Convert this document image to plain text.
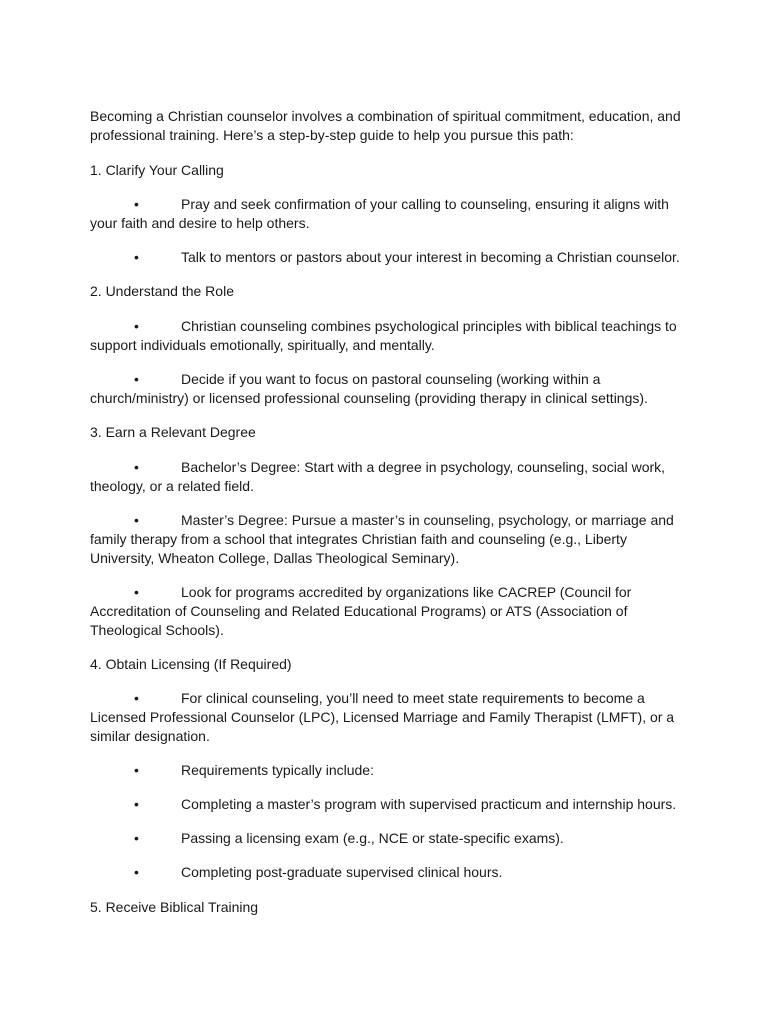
Becoming a Christian counselor involves a combination of spiritual commitment, education, and professional training. Here’s a step-by-step guide to help you pursue this path:

1. Clarify Your Calling

•	Pray and seek confirmation of your calling to counseling, ensuring it aligns with your faith and desire to help others.

•	Talk to mentors or pastors about your interest in becoming a Christian counselor.

2. Understand the Role

•	Christian counseling combines psychological principles with biblical teachings to support individuals emotionally, spiritually, and mentally.

•	Decide if you want to focus on pastoral counseling (working within a church/ministry) or licensed professional counseling (providing therapy in clinical settings).

3. Earn a Relevant Degree

•	Bachelor’s Degree: Start with a degree in psychology, counseling, social work, theology, or a related field.

•	Master’s Degree: Pursue a master’s in counseling, psychology, or marriage and family therapy from a school that integrates Christian faith and counseling (e.g., Liberty University, Wheaton College, Dallas Theological Seminary).

•	Look for programs accredited by organizations like CACREP (Council for Accreditation of Counseling and Related Educational Programs) or ATS (Association of Theological Schools).

4. Obtain Licensing (If Required)

•	For clinical counseling, you’ll need to meet state requirements to become a Licensed Professional Counselor (LPC), Licensed Marriage and Family Therapist (LMFT), or a similar designation.

•	Requirements typically include:

•	Completing a master’s program with supervised practicum and internship hours.

•	Passing a licensing exam (e.g., NCE or state-specific exams).

•	Completing post-graduate supervised clinical hours.

5. Receive Biblical Training
